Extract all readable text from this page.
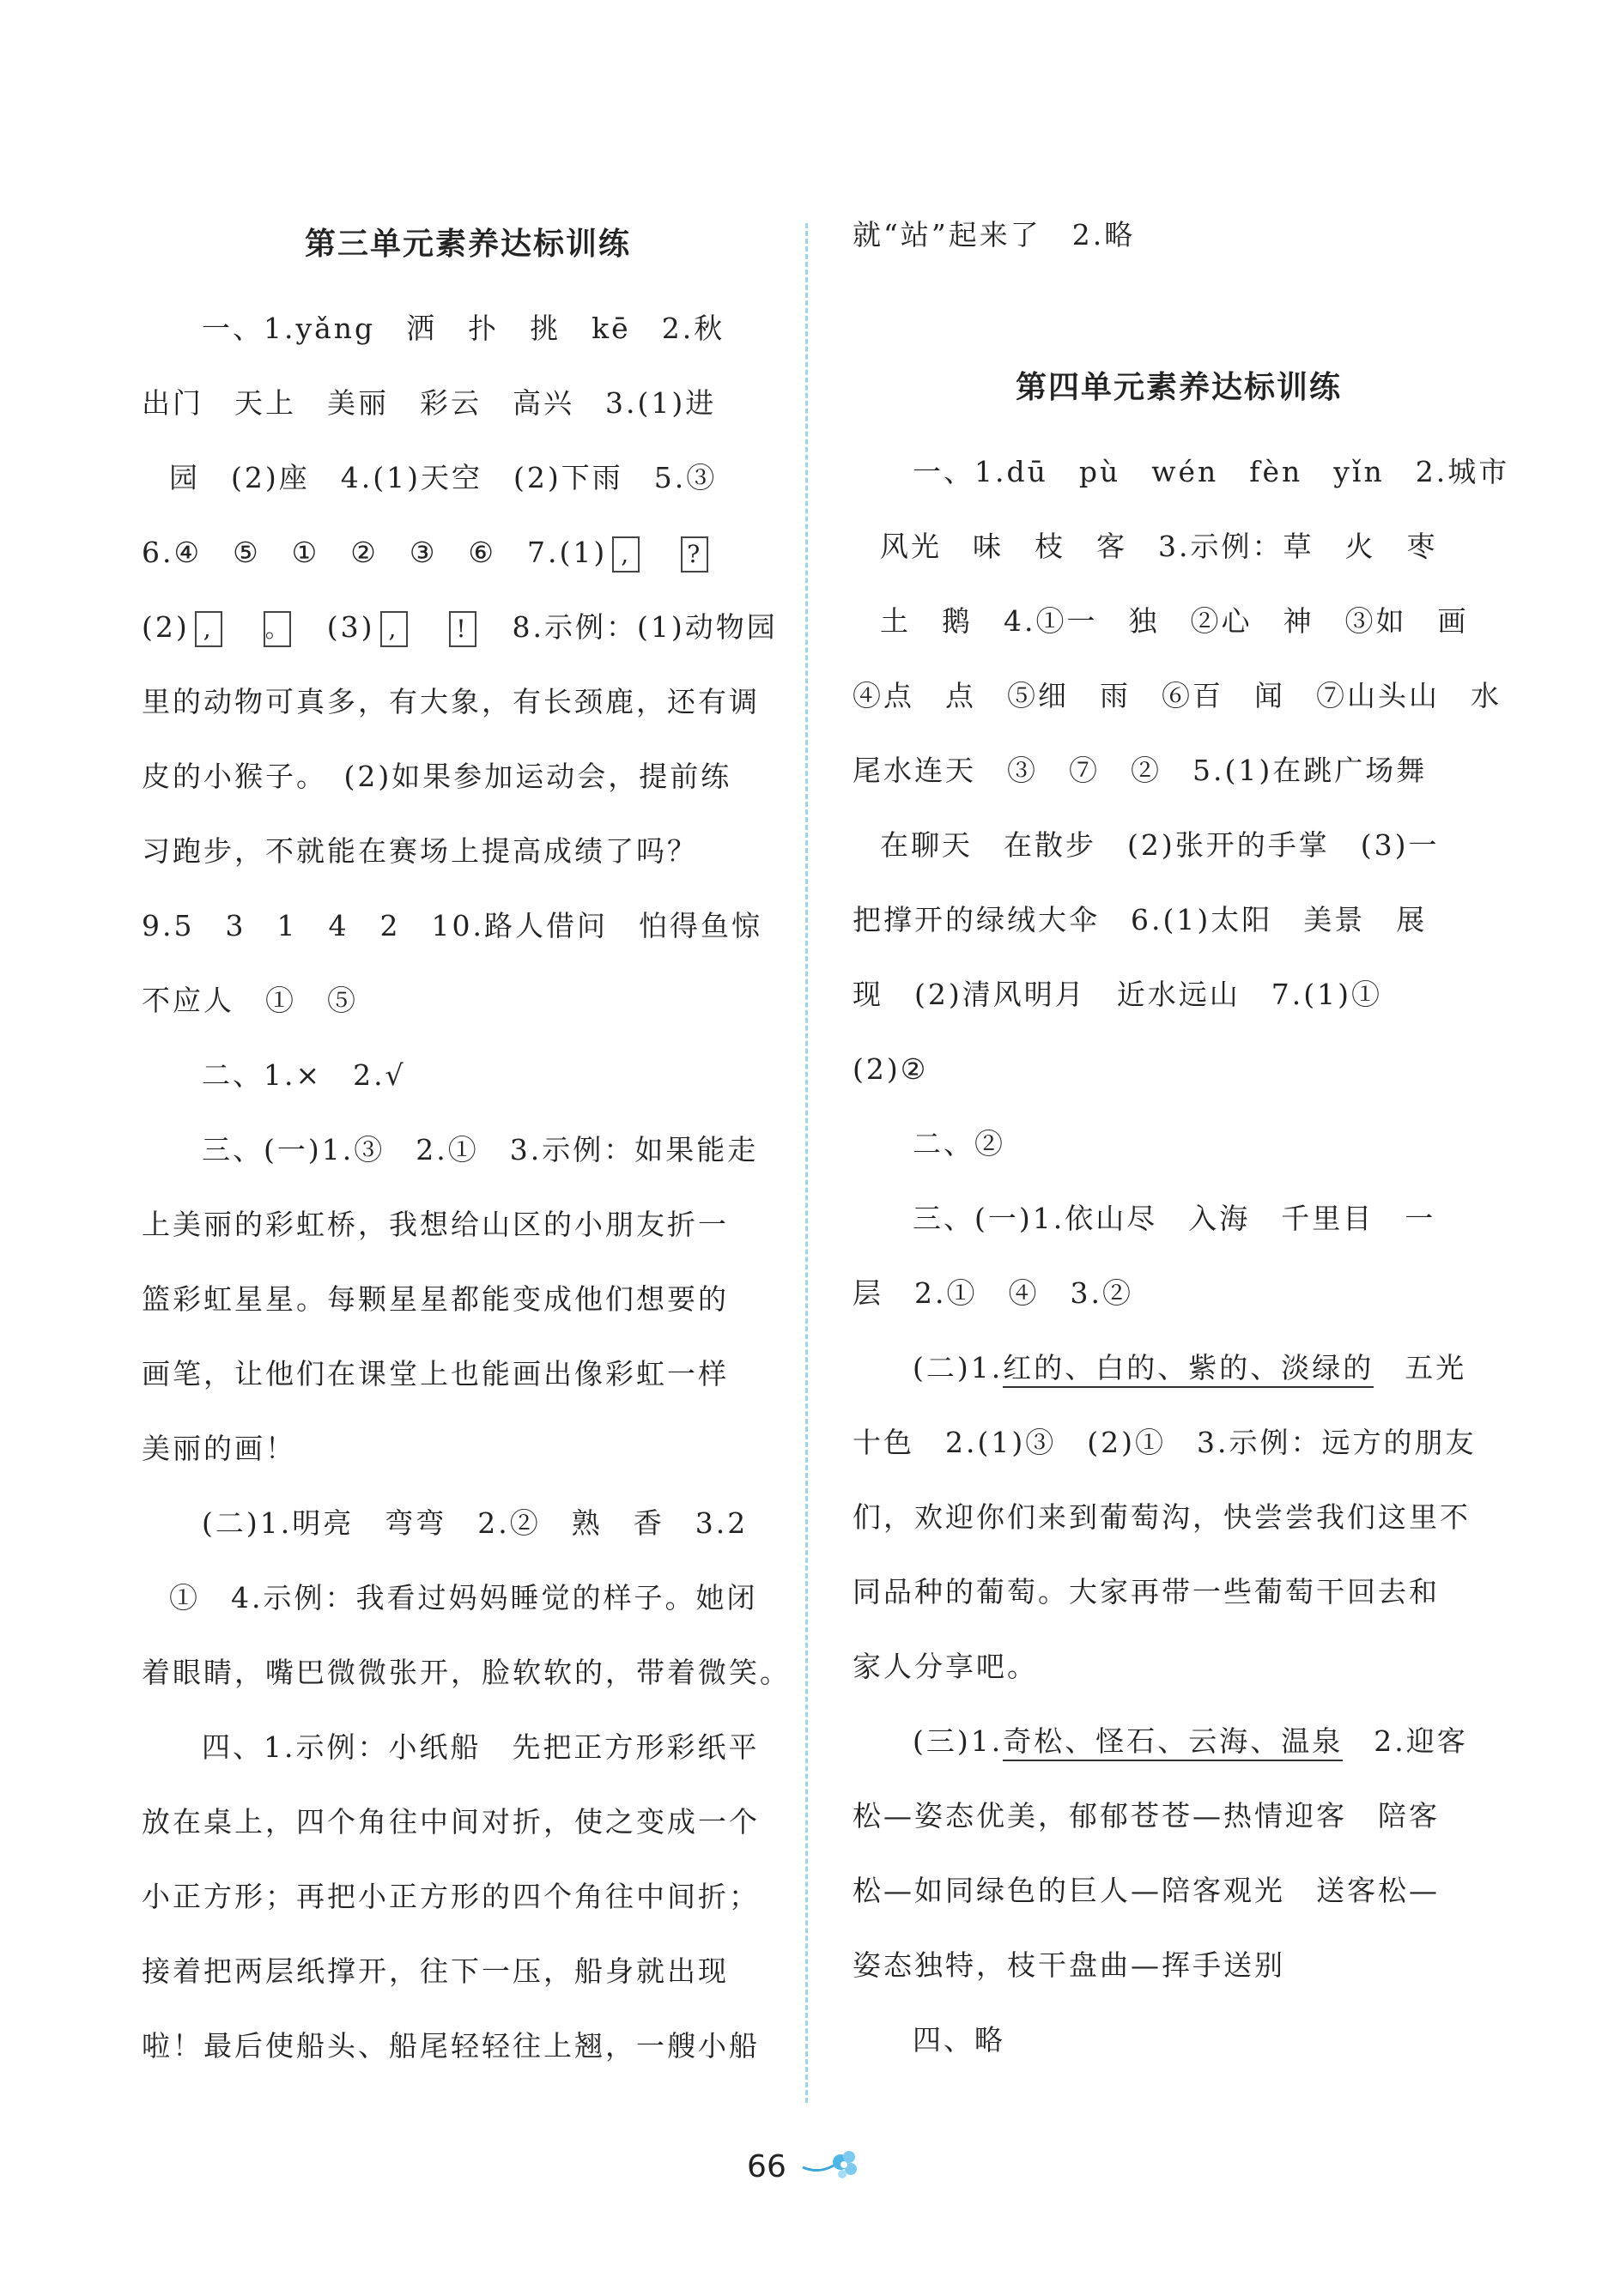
第三单元素养达标训练
一、1.yǎng　洒　扑　挑　kē　2.秋
出门　天上　美丽　彩云　高兴　3.(1)进
园　(2)座　4.(1)天空　(2)下雨　5.③
6.④　⑤　①　②　③　⑥　7.(1) ,　 ?
(2) ,　 。　 (3) ,　 !　 8.示例：(1)动物园
里的动物可真多，有大象，有长颈鹿，还有调
皮的小猴子。　(2)如果参加运动会，提前练
习跑步，不就能在赛场上提高成绩了吗？
9.5　3　1　4　2　10.路人借问　怕得鱼惊
不应人　①　⑤
二、1.×　2.√
三、(一)1.③　2.①　3.示例：如果能走
上美丽的彩虹桥，我想给山区的小朋友折一
篮彩虹星星。每颗星星都能变成他们想要的
画笔，让他们在课堂上也能画出像彩虹一样
美丽的画！
(二)1.明亮　弯弯　2.②　熟　香　3.2
①　4.示例：我看过妈妈睡觉的样子。她闭
着眼睛，嘴巴微微张开，脸软软的，带着微笑。
四、1.示例：小纸船　先把正方形彩纸平
放在桌上，四个角往中间对折，使之变成一个
小正方形；再把小正方形的四个角往中间折；
接着把两层纸撑开，往下一压，船身就出现
啦！最后使船头、船尾轻轻往上翘，一艘小船
就“站”起来了　2.略
第四单元素养达标训练
一、1.dū　pù　wén　fèn　yǐn　2.城市
风光　味　枝　客　3.示例：草　火　枣
土　鹅　4.①一　独　②心　神　③如　画
④点　点　⑤细　雨　⑥百　闻　⑦山头山　水
尾水连天　③　⑦　②　5.(1)在跳广场舞
在聊天　在散步　(2)张开的手掌　(3)一
把撑开的绿绒大伞　6.(1)太阳　美景　展
现　(2)清风明月　近水远山　7.(1)①
(2)②
二、②
三、(一)1.依山尽　入海　千里目　一
层　2.①　④　3.②
(二)1.红的、白的、紫的、淡绿的　五光
十色　2.(1)③　(2)①　3.示例：远方的朋友
们，欢迎你们来到葡萄沟，快尝尝我们这里不
同品种的葡萄。大家再带一些葡萄干回去和
家人分享吧。
(三)1.奇松、怪石、云海、温泉　2.迎客
松—姿态优美，郁郁苍苍—热情迎客　陪客
松—如同绿色的巨人—陪客观光　送客松—
姿态独特，枝干盘曲—挥手送别
四、略
66
